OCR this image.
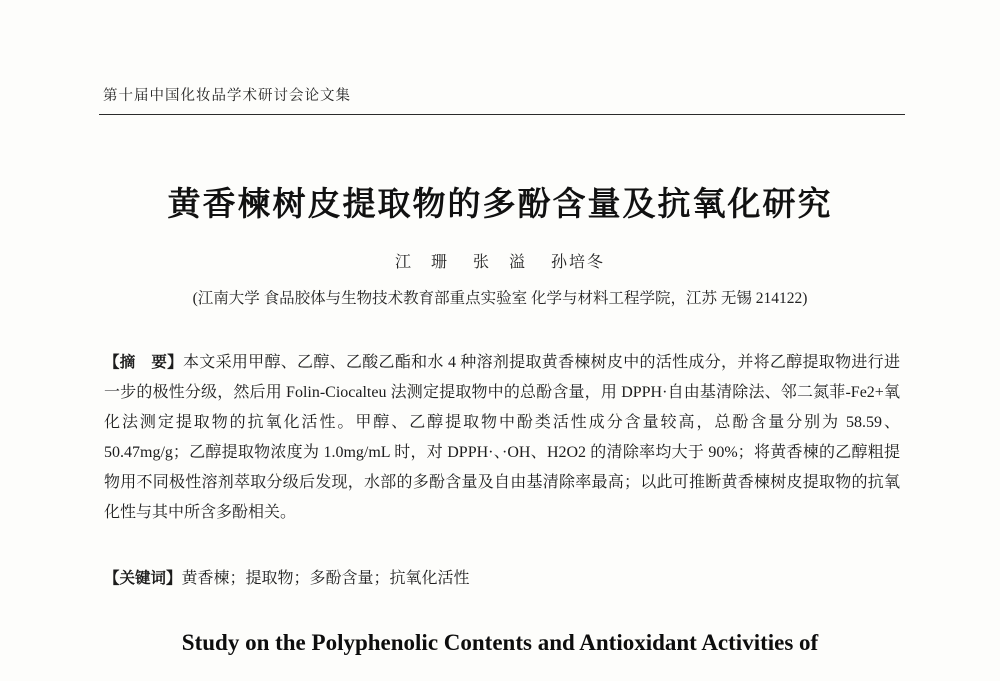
第十届中国化妆品学术研讨会论文集
黄香楝树皮提取物的多酚含量及抗氧化研究
江　珊　 张　溢　 孙培冬
(江南大学 食品胶体与生物技术教育部重点实验室 化学与材料工程学院，江苏 无锡 214122)

【摘　要】本文采用甲醇、乙醇、乙酸乙酯和水 4 种溶剂提取黄香楝树皮中的活性成分，并将乙醇提取物进行进一步的极性分级，然后用 Folin-Ciocalteu 法测定提取物中的总酚含量，用 DPPH·自由基清除法、邻二氮菲-Fe2+氧化法测定提取物的抗氧化活性。甲醇、乙醇提取物中酚类活性成分含量较高，总酚含量分别为 58.59、50.47mg/g；乙醇提取物浓度为 1.0mg/mL 时，对 DPPH·、·OH、H2O2 的清除率均大于 90%；将黄香楝的乙醇粗提物用不同极性溶剂萃取分级后发现，水部的多酚含量及自由基清除率最高；以此可推断黄香楝树皮提取物的抗氧化性与其中所含多酚相关。

【关键词】黄香楝；提取物；多酚含量；抗氧化活性

Study on the Polyphenolic Contents and Antioxidant Activities of
